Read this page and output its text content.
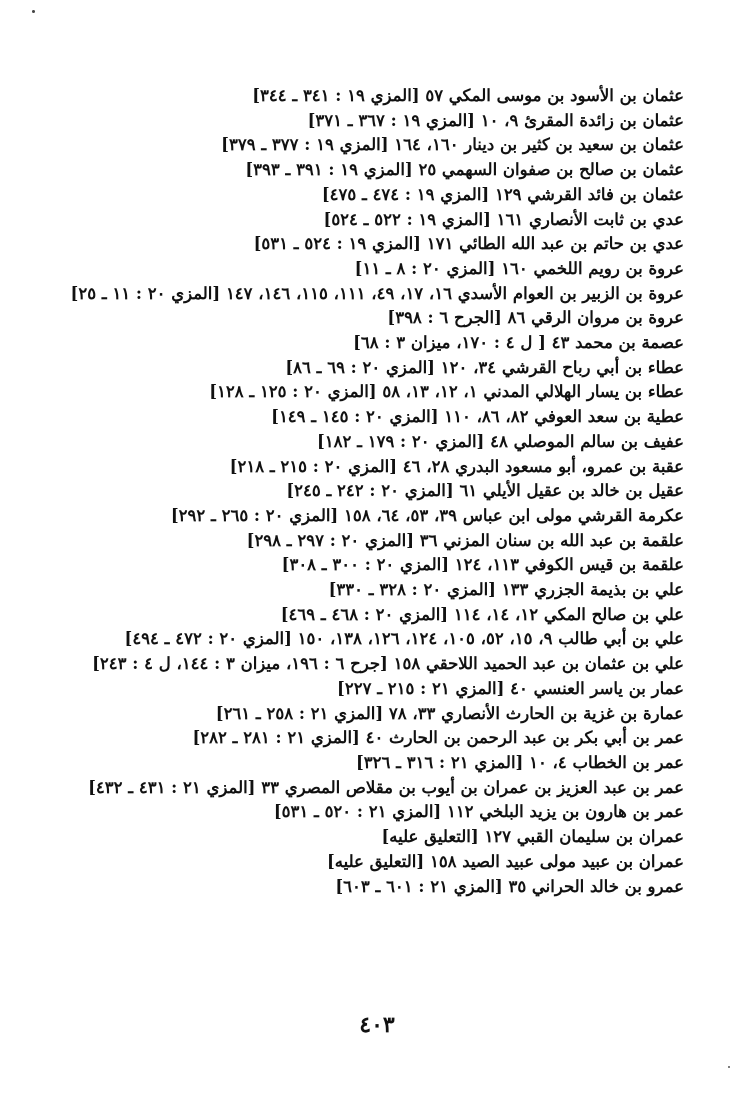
عثمان بن الأسود بن موسى المكي ٥٧ [المزي ١٩ : ٣٤١ ـ ٣٤٤]
عثمان بن زائدة المقرئ ٩، ١٠ [المزي ١٩ : ٣٦٧ ـ ٣٧١]
عثمان بن سعيد بن كثير بن دينار ١٦٠، ١٦٤ [المزي ١٩ : ٣٧٧ ـ ٣٧٩]
عثمان بن صالح بن صفوان السهمي ٢٥ [المزي ١٩ : ٣٩١ ـ ٣٩٣]
عثمان بن فائد القرشي ١٢٩ [المزي ١٩ : ٤٧٤ ـ ٤٧٥]
عدي بن ثابت الأنصاري ١٦١ [المزي ١٩ : ٥٢٢ ـ ٥٢٤]
عدي بن حاتم بن عبد الله الطائي ١٧١ [المزي ١٩ : ٥٢٤ ـ ٥٣١]
عروة بن رويم اللخمي ١٦٠ [المزي ٢٠ : ٨ ـ ١١]
عروة بن الزبير بن العوام الأسدي ١٦، ١٧، ٤٩، ١١١، ١١٥، ١٤٦، ١٤٧ [المزي ٢٠ : ١١ ـ ٢٥]
عروة بن مروان الرقي ٨٦ [الجرح ٦ : ٣٩٨]
عصمة بن محمد ٤٣ [ ل ٤ : ١٧٠، ميزان ٣ : ٦٨]
عطاء بن أبي رباح القرشي ٣٤، ١٢٠ [المزي ٢٠ : ٦٩ ـ ٨٦]
عطاء بن يسار الهلالي المدني ١، ١٢، ١٣، ٥٨ [المزي ٢٠ : ١٢٥ ـ ١٢٨]
عطية بن سعد العوفي ٨٢، ٨٦، ١١٠ [المزي ٢٠ : ١٤٥ ـ ١٤٩]
عفيف بن سالم الموصلي ٤٨ [المزي ٢٠ : ١٧٩ ـ ١٨٢]
عقبة بن عمرو، أبو مسعود البدري ٢٨، ٤٦ [المزي ٢٠ : ٢١٥ ـ ٢١٨]
عقيل بن خالد بن عقيل الأيلي ٦١ [المزي ٢٠ : ٢٤٢ ـ ٢٤٥]
عكرمة القرشي مولى ابن عباس ٣٩، ٥٣، ٦٤، ١٥٨ [المزي ٢٠ : ٢٦٥ ـ ٢٩٢]
علقمة بن عبد الله بن سنان المزني ٣٦ [المزي ٢٠ : ٢٩٧ ـ ٢٩٨]
علقمة بن قيس الكوفي ١١٣، ١٢٤ [المزي ٢٠ : ٣٠٠ ـ ٣٠٨]
علي بن بذيمة الجزري ١٣٣ [المزي ٢٠ : ٣٢٨ ـ ٣٣٠]
علي بن صالح المكي ١٢، ١٤، ١١٤ [المزي ٢٠ : ٤٦٨ ـ ٤٦٩]
علي بن أبي طالب ٩، ١٥، ٥٢، ١٠٥، ١٢٤، ١٢٦، ١٣٨، ١٥٠ [المزي ٢٠ : ٤٧٢ ـ ٤٩٤]
علي بن عثمان بن عبد الحميد اللاحقي ١٥٨ [جرح ٦ : ١٩٦، ميزان ٣ : ١٤٤، ل ٤ : ٢٤٣]
عمار بن ياسر العنسي ٤٠ [المزي ٢١ : ٢١٥ ـ ٢٢٧]
عمارة بن غزية بن الحارث الأنصاري ٣٣، ٧٨ [المزي ٢١ : ٢٥٨ ـ ٢٦١]
عمر بن أبي بكر بن عبد الرحمن بن الحارث ٤٠ [المزي ٢١ : ٢٨١ ـ ٢٨٢]
عمر بن الخطاب ٤، ١٠ [المزي ٢١ : ٣١٦ ـ ٣٢٦]
عمر بن عبد العزيز بن عمران بن أيوب بن مقلاص المصري ٣٣ [المزي ٢١ : ٤٣١ ـ ٤٣٢]
عمر بن هارون بن يزيد البلخي ١١٢ [المزي ٢١ : ٥٢٠ ـ ٥٣١]
عمران بن سليمان القبي ١٢٧ [التعليق عليه]
عمران بن عبيد مولى عبيد الصيد ١٥٨ [التعليق عليه]
عمرو بن خالد الحراني ٣٥ [المزي ٢١ : ٦٠١ ـ ٦٠٣]
٤٠٣
